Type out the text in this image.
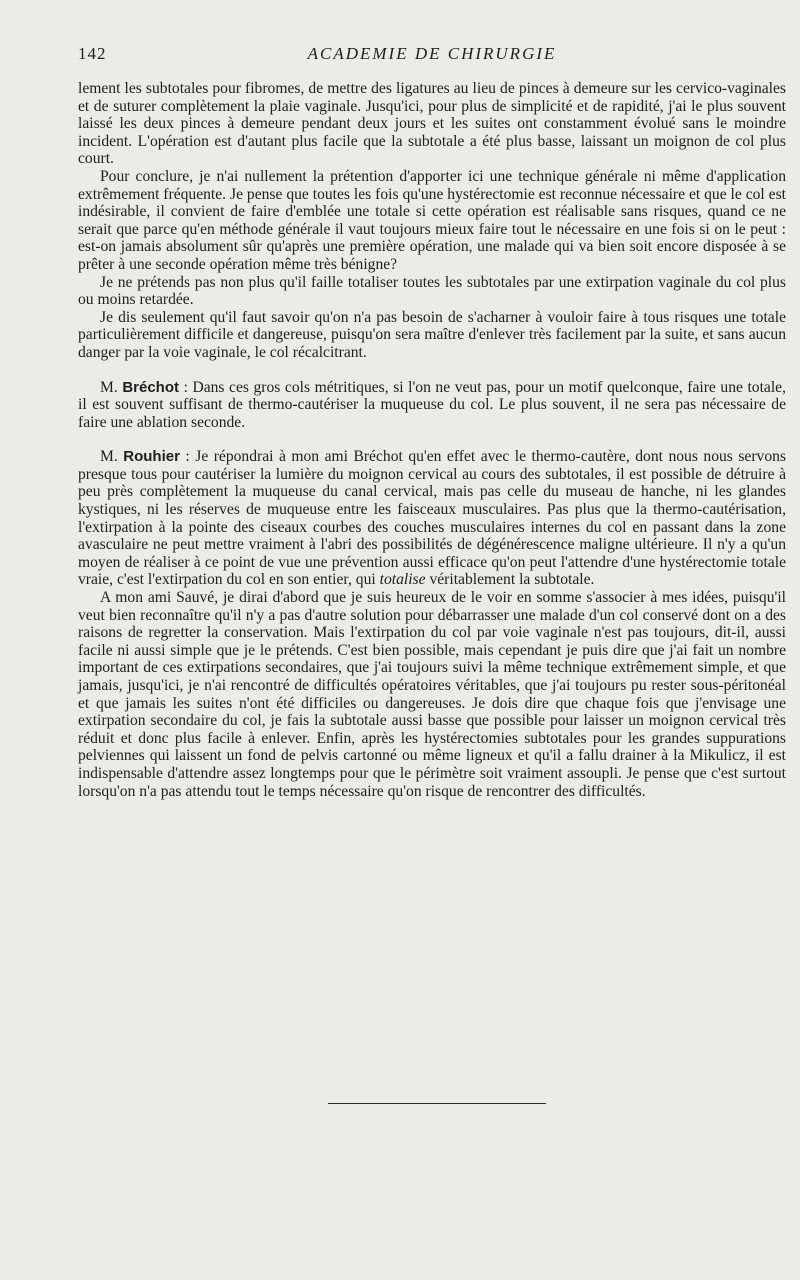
142	ACADEMIE DE CHIRURGIE

lement les subtotales pour fibromes, de mettre des ligatures au lieu de pinces à demeure sur les cervico-vaginales et de suturer complètement la plaie vaginale. Jusqu'ici, pour plus de simplicité et de rapidité, j'ai le plus souvent laissé les deux pinces à demeure pendant deux jours et les suites ont constamment évolué sans le moindre incident. L'opération est d'autant plus facile que la subtotale a été plus basse, laissant un moignon de col plus court.

Pour conclure, je n'ai nullement la prétention d'apporter ici une technique générale ni même d'application extrêmement fréquente. Je pense que toutes les fois qu'une hystérectomie est reconnue nécessaire et que le col est indésirable, il convient de faire d'emblée une totale si cette opération est réalisable sans risques, quand ce ne serait que parce qu'en méthode générale il vaut toujours mieux faire tout le nécessaire en une fois si on le peut : est-on jamais absolument sûr qu'après une première opération, une malade qui va bien soit encore disposée à se prêter à une seconde opération même très bénigne?

Je ne prétends pas non plus qu'il faille totaliser toutes les subtotales par une extirpation vaginale du col plus ou moins retardée.

Je dis seulement qu'il faut savoir qu'on n'a pas besoin de s'acharner à vouloir faire à tous risques une totale particulièrement difficile et dangereuse, puisqu'on sera maître d'enlever très facilement par la suite, et sans aucun danger par la voie vaginale, le col récalcitrant.

M. Bréchot : Dans ces gros cols métritiques, si l'on ne veut pas, pour un motif quelconque, faire une totale, il est souvent suffisant de thermo-cautériser la muqueuse du col. Le plus souvent, il ne sera pas nécessaire de faire une ablation seconde.

M. Rouhier : Je répondrai à mon ami Bréchot qu'en effet avec le thermo-cautère, dont nous nous servons presque tous pour cautériser la lumière du moignon cervical au cours des subtotales, il est possible de détruire à peu près complètement la muqueuse du canal cervical, mais pas celle du museau de hanche, ni les glandes kystiques, ni les réserves de muqueuse entre les faisceaux musculaires. Pas plus que la thermo-cautérisation, l'extirpation à la pointe des ciseaux courbes des couches musculaires internes du col en passant dans la zone avasculaire ne peut mettre vraiment à l'abri des possibilités de dégénérescence maligne ultérieure. Il n'y a qu'un moyen de réaliser à ce point de vue une prévention aussi efficace qu'on peut l'attendre d'une hystérectomie totale vraie, c'est l'extirpation du col en son entier, qui totalise véritablement la subtotale.

A mon ami Sauvé, je dirai d'abord que je suis heureux de le voir en somme s'associer à mes idées, puisqu'il veut bien reconnaître qu'il n'y a pas d'autre solution pour débarrasser une malade d'un col conservé dont on a des raisons de regretter la conservation. Mais l'extirpation du col par voie vaginale n'est pas toujours, dit-il, aussi facile ni aussi simple que je le prétends. C'est bien possible, mais cependant je puis dire que j'ai fait un nombre important de ces extirpations secondaires, que j'ai toujours suivi la même technique extrêmement simple, et que jamais, jusqu'ici, je n'ai rencontré de difficultés opératoires véritables, que j'ai toujours pu rester sous-péritonéal et que jamais les suites n'ont été difficiles ou dangereuses. Je dois dire que chaque fois que j'envisage une extirpation secondaire du col, je fais la subtotale aussi basse que possible pour laisser un moignon cervical très réduit et donc plus facile à enlever. Enfin, après les hystérectomies subtotales pour les grandes suppurations pelviennes qui laissent un fond de pelvis cartonné ou même ligneux et qu'il a fallu drainer à la Mikulicz, il est indispensable d'attendre assez longtemps pour que le périmètre soit vraiment assoupli. Je pense que c'est surtout lorsqu'on n'a pas attendu tout le temps nécessaire qu'on risque de rencontrer des difficultés.
